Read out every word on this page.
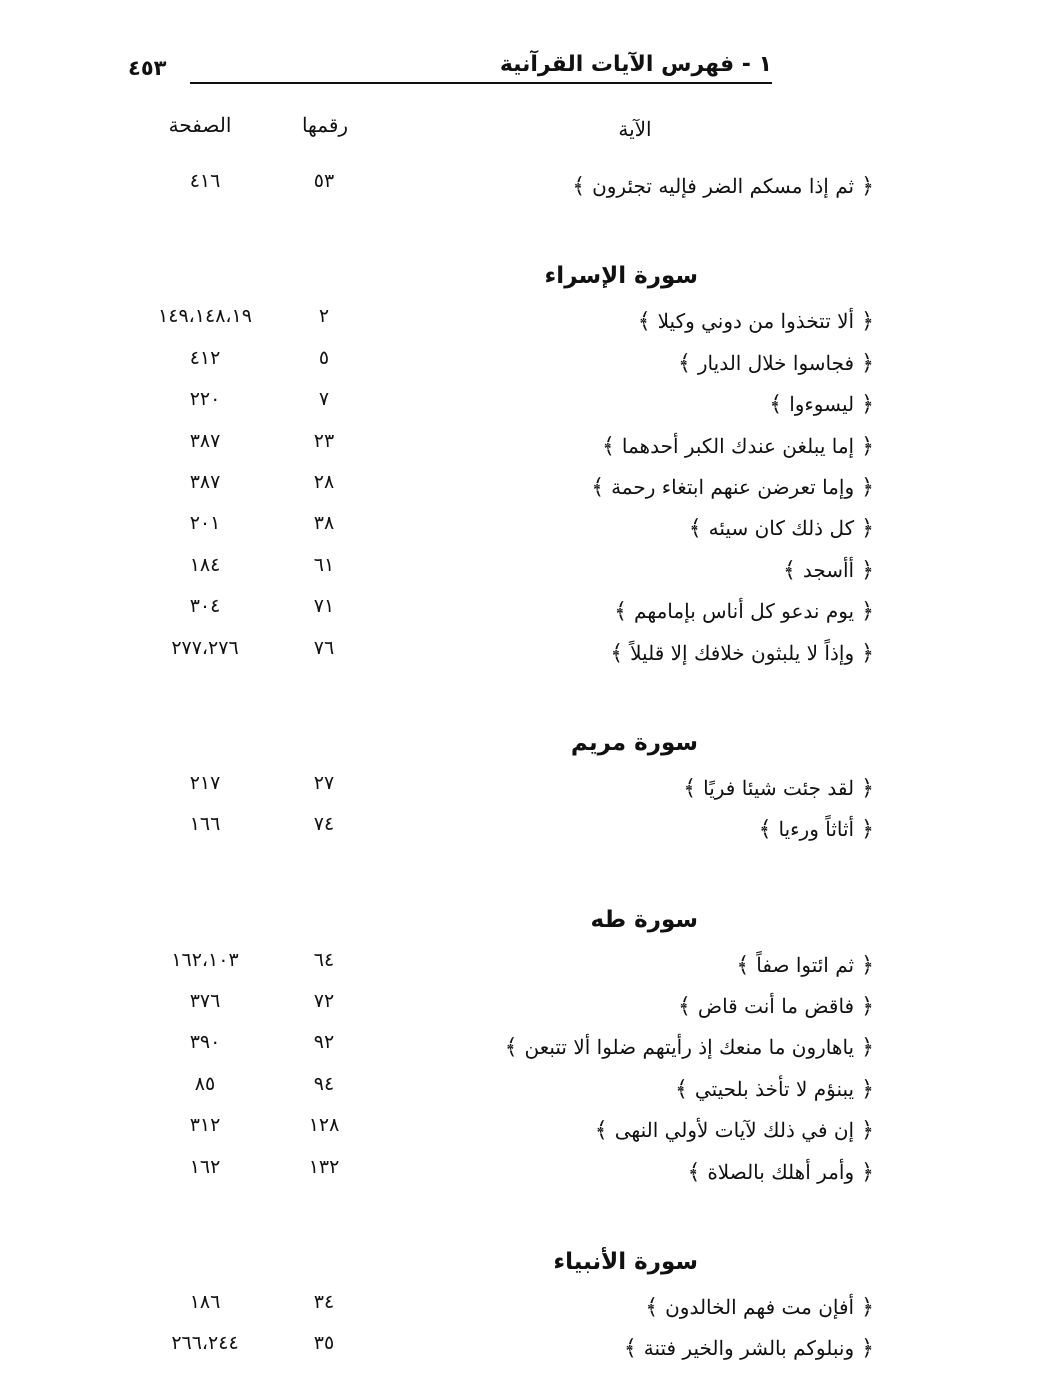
١ - فهرس الآيات القرآنية
٤٥٣
الآية
رقمها
الصفحة
﴿ ثم إذا مسكم الضر فإليه تجئرون ﴾
٥٣
٤١٦
سورة الإسراء
﴿ ألا تتخذوا من دوني وكيلا ﴾
٢
١٤٩،١٤٨،١٩
﴿ فجاسوا خلال الديار ﴾
٥
٤١٢
﴿ ليسوءوا ﴾
٧
٢٢٠
﴿ إما يبلغن عندك الكبر أحدهما ﴾
٢٣
٣٨٧
﴿ وإما تعرضن عنهم ابتغاء رحمة ﴾
٢٨
٣٨٧
﴿ كل ذلك كان سيئه ﴾
٣٨
٢٠١
﴿ أأسجد ﴾
٦١
١٨٤
﴿ يوم ندعو كل أناس بإمامهم ﴾
٧١
٣٠٤
﴿ وإذاً لا يلبثون خلافك إلا قليلاً ﴾
٧٦
٢٧٧،٢٧٦
سورة مريم
﴿ لقد جئت شيئا فريًا ﴾
٢٧
٢١٧
﴿ أثاثاً ورءيا ﴾
٧٤
١٦٦
سورة طه
﴿ ثم ائتوا صفاً ﴾
٦٤
١٦٢،١٠٣
﴿ فاقض ما أنت قاض ﴾
٧٢
٣٧٦
﴿ ياهارون ما منعك إذ رأيتهم ضلوا ألا تتبعن ﴾
٩٢
٣٩٠
﴿ يبنؤم لا تأخذ بلحيتي ﴾
٩٤
٨٥
﴿ إن في ذلك لآيات لأولي النهى ﴾
١٢٨
٣١٢
﴿ وأمر أهلك بالصلاة ﴾
١٣٢
١٦٢
سورة الأنبياء
﴿ أفإن مت فهم الخالدون ﴾
٣٤
١٨٦
﴿ ونبلوكم بالشر والخير فتنة ﴾
٣٥
٢٦٦،٢٤٤
